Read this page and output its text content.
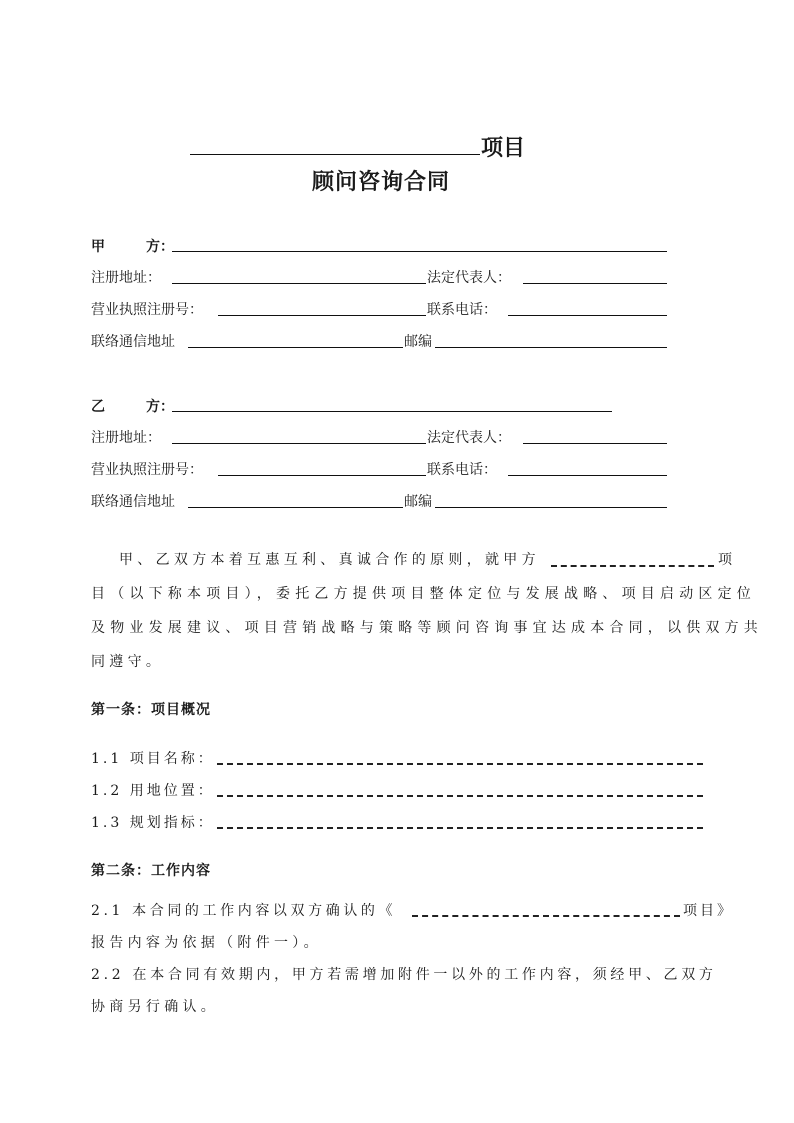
项目
顾问咨询合同
甲	方：
注册地址：	法定代表人：
营业执照注册号：	联系电话：
联络通信地址	邮编
乙	方：
注册地址：	法定代表人：
营业执照注册号：	联系电话：
联络通信地址	邮编
甲、乙双方本着互惠互利、真诚合作的原则，就甲方	项
目（以下称本项目），委托乙方提供项目整体定位与发展战略、项目启动区定位
及物业发展建议、项目营销战略与策略等顾问咨询事宜达成本合同，以供双方共
同遵守。
第一条：项目概况
1.1 项目名称：
1.2 用地位置：
1.3 规划指标：
第二条：工作内容
2.1 本合同的工作内容以双方确认的《	项目》
报告内容为依据（附件一）。
2.2 在本合同有效期内，甲方若需增加附件一以外的工作内容，须经甲、乙双方
协商另行确认。
